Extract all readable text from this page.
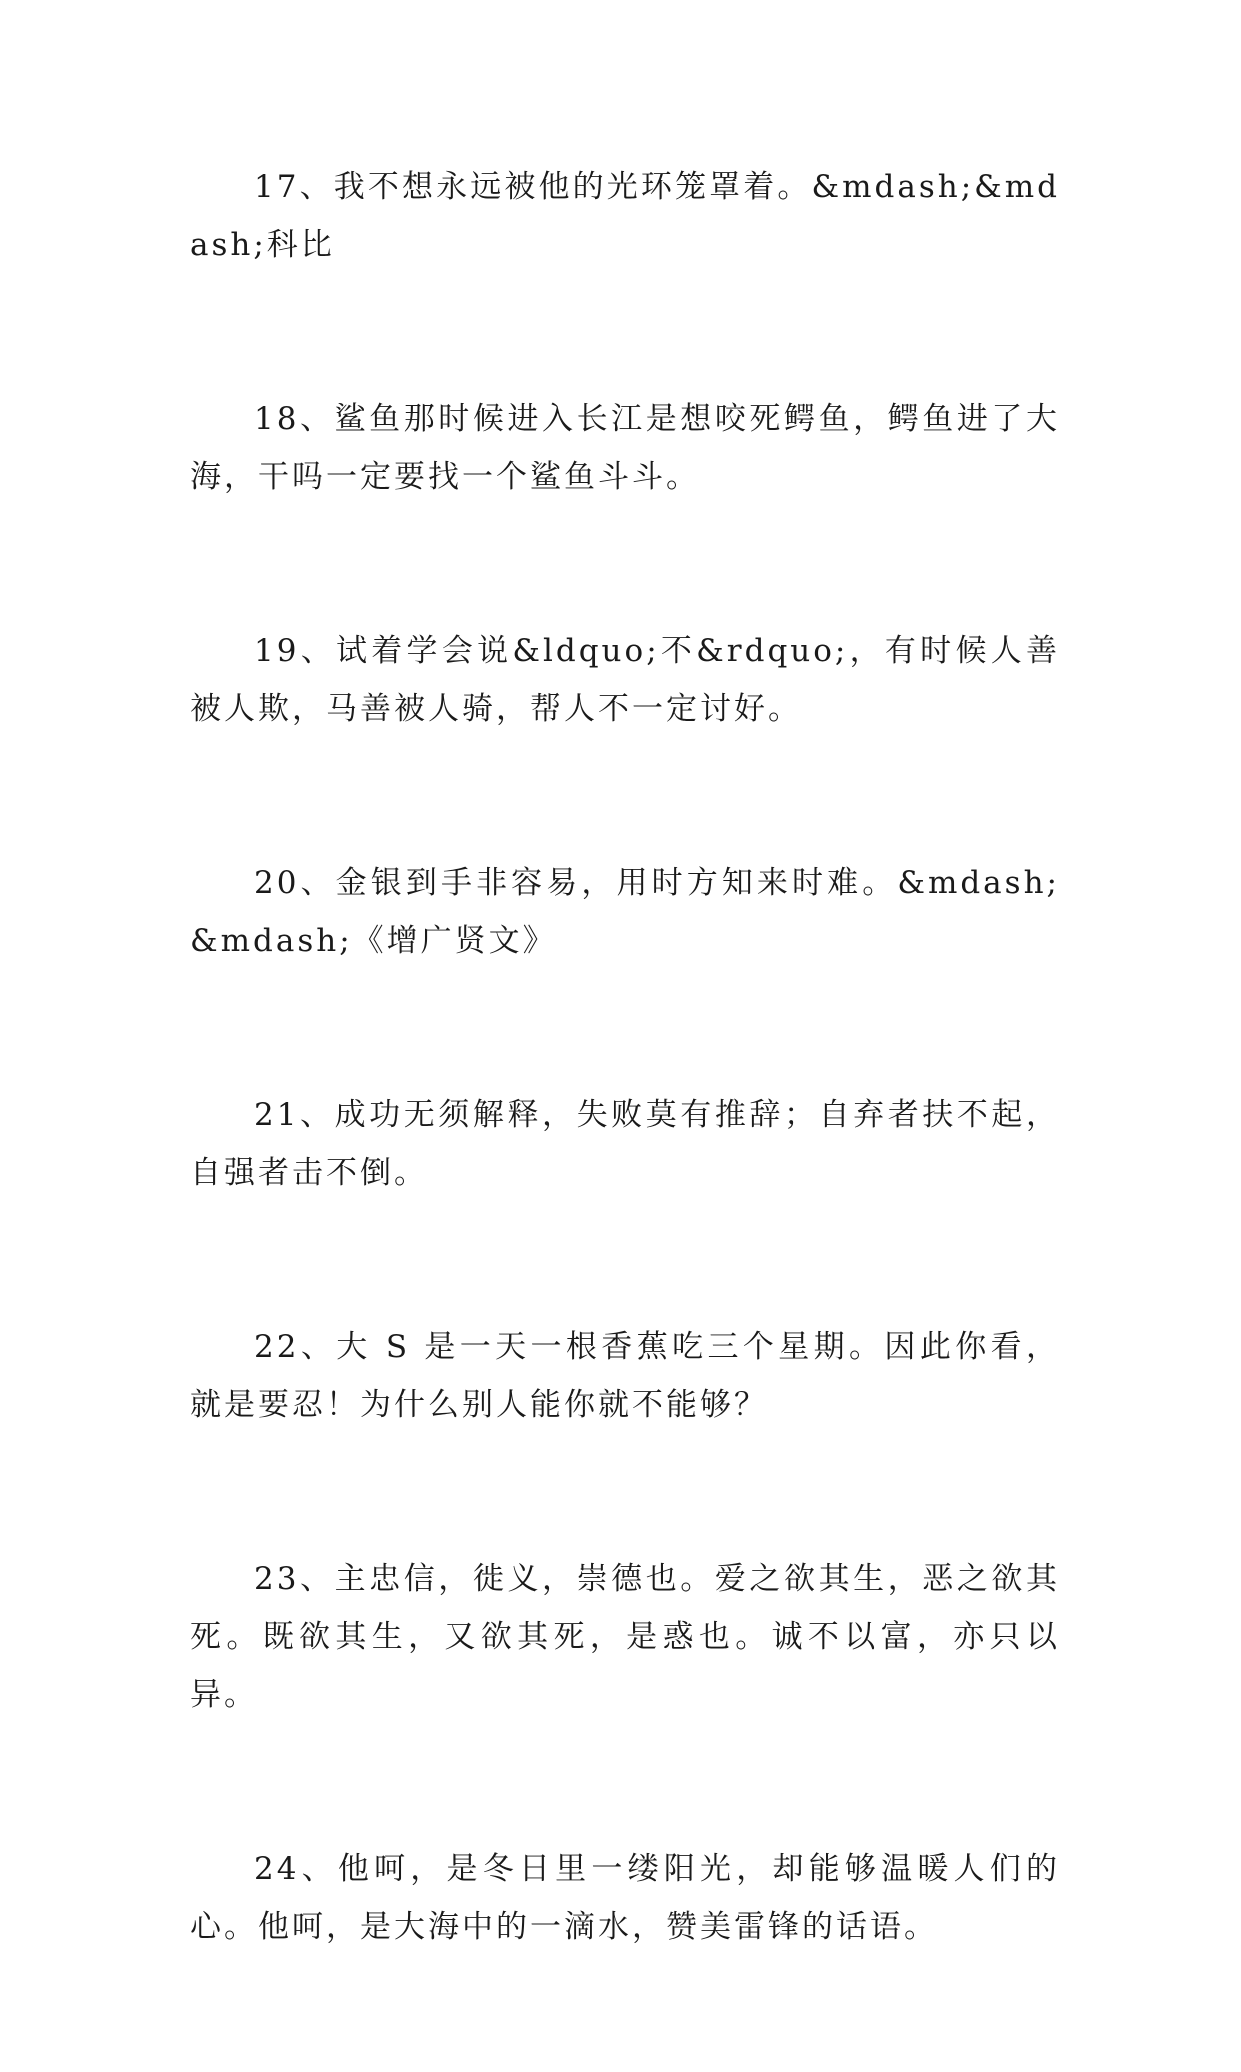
17、我不想永远被他的光环笼罩着。&mdash;&mdash;科比

18、鲨鱼那时候进入长江是想咬死鳄鱼，鳄鱼进了大海，干吗一定要找一个鲨鱼斗斗。

19、试着学会说&ldquo;不&rdquo;，有时候人善被人欺，马善被人骑，帮人不一定讨好。

20、金银到手非容易，用时方知来时难。&mdash;&mdash;《增广贤文》

21、成功无须解释，失败莫有推辞；自弃者扶不起，自强者击不倒。

22、大 S 是一天一根香蕉吃三个星期。因此你看，就是要忍！为什么别人能你就不能够？

23、主忠信，徙义，崇德也。爱之欲其生，恶之欲其死。既欲其生，又欲其死，是惑也。诚不以富，亦只以异。

24、他呵，是冬日里一缕阳光，却能够温暖人们的心。他呵，是大海中的一滴水，赞美雷锋的话语。
